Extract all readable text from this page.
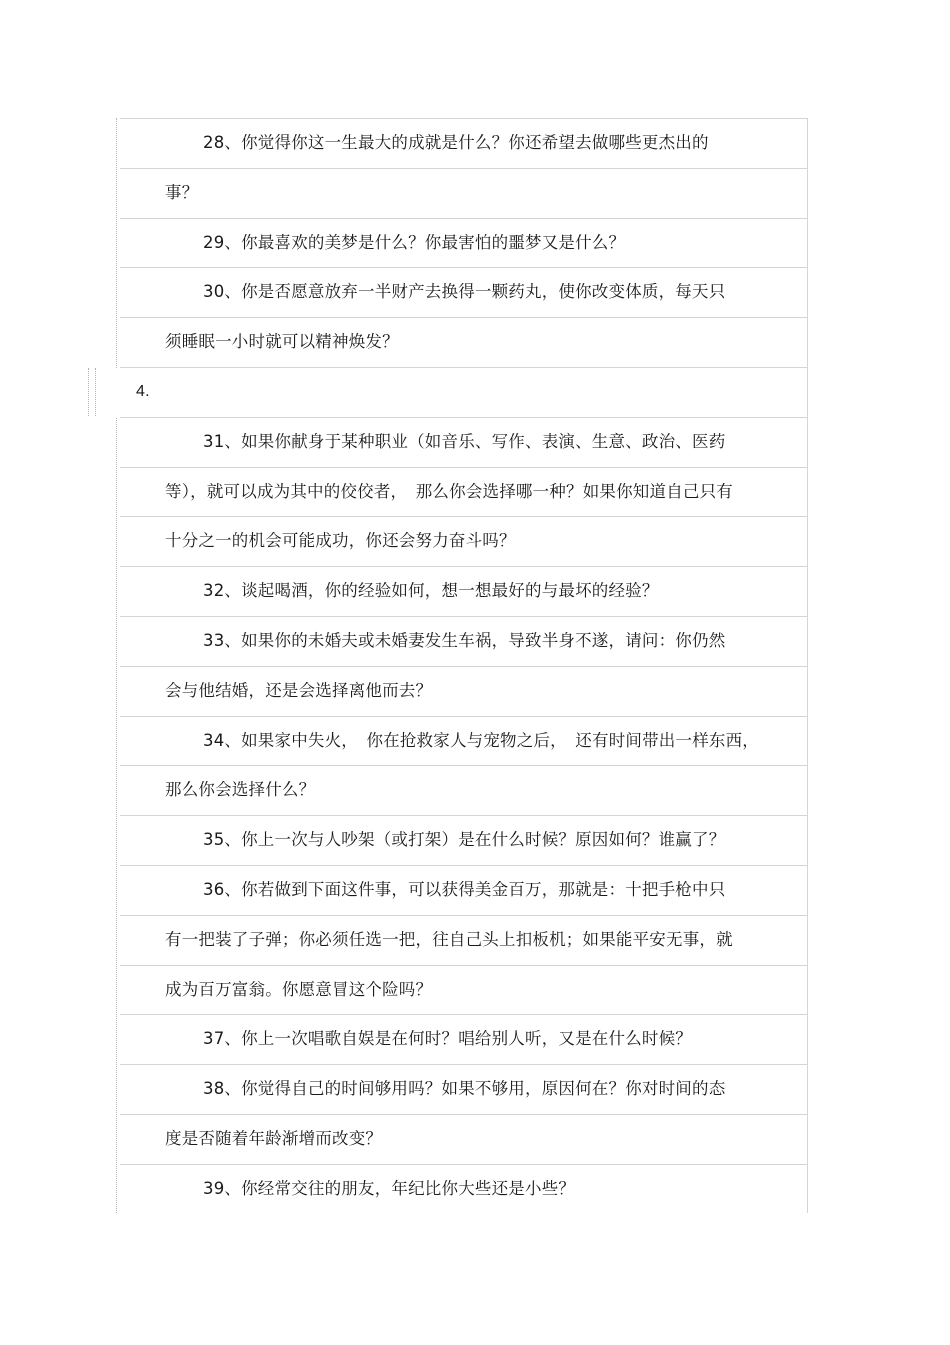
28、你觉得你这一生最大的成就是什么？你还希望去做哪些更杰出的
事？
29、你最喜欢的美梦是什么？你最害怕的噩梦又是什么？
30、你是否愿意放弃一半财产去换得一颗药丸，使你改变体质，每天只
须睡眠一小时就可以精神焕发？
4.
31、如果你献身于某种职业（如音乐、写作、表演、生意、政治、医药
等），就可以成为其中的佼佼者，　那么你会选择哪一种？如果你知道自己只有
十分之一的机会可能成功，你还会努力奋斗吗？
32、谈起喝酒，你的经验如何，想一想最好的与最坏的经验？
33、如果你的未婚夫或未婚妻发生车祸，导致半身不遂，请问：你仍然
会与他结婚，还是会选择离他而去？
34、如果家中失火，　你在抢救家人与宠物之后，　还有时间带出一样东西，
那么你会选择什么？
35、你上一次与人吵架（或打架）是在什么时候？原因如何？谁赢了？
36、你若做到下面这件事，可以获得美金百万，那就是：十把手枪中只
有一把装了子弹；你必须任选一把，往自己头上扣板机；如果能平安无事，就
成为百万富翁。你愿意冒这个险吗？
37、你上一次唱歌自娱是在何时？唱给别人听，又是在什么时候？
38、你觉得自己的时间够用吗？如果不够用，原因何在？你对时间的态
度是否随着年龄渐增而改变？
39、你经常交往的朋友，年纪比你大些还是小些？
